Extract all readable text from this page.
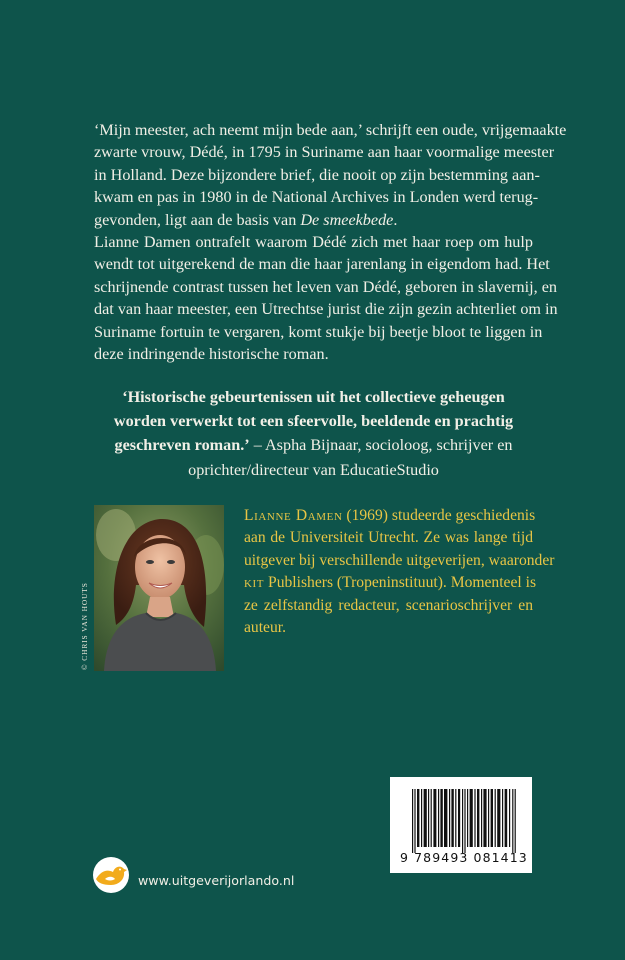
‘Mijn meester, ach neemt mijn bede aan,’ schrijft een oude, vrijgemaakte
zwarte vrouw, Dédé, in 1795 in Suriname aan haar voormalige meester
in Holland. Deze bijzondere brief, die nooit op zijn bestemming aan-
kwam en pas in 1980 in de National Archives in Londen werd terug-
gevonden, ligt aan de basis van De smeekbede.

Lianne Damen ontrafelt waarom Dédé zich met haar roep om hulp
wendt tot uitgerekend de man die haar jarenlang in eigendom had. Het
schrijnende contrast tussen het leven van Dédé, geboren in slavernij, en
dat van haar meester, een Utrechtse jurist die zijn gezin achterliet om in
Suriname fortuin te vergaren, komt stukje bij beetje bloot te liggen in
deze indringende historische roman.

‘Historische gebeurtenissen uit het collectieve geheugen
worden verwerkt tot een sfeervolle, beeldende en prachtig
geschreven roman.’ – Aspha Bijnaar, socioloog, schrijver en
oprichter/directeur van EducatieStudio
© CHRIS VAN HOUTS
Lianne Damen (1969) studeerde geschiedenis
aan de Universiteit Utrecht. Ze was lange tijd
uitgever bij verschillende uitgeverijen, waaronder
kit Publishers (Tropeninstituut). Momenteel is
ze zelfstandig redacteur, scenarioschrijver en
auteur.
9 789493 081413
www.uitgeverijorlando.nl
